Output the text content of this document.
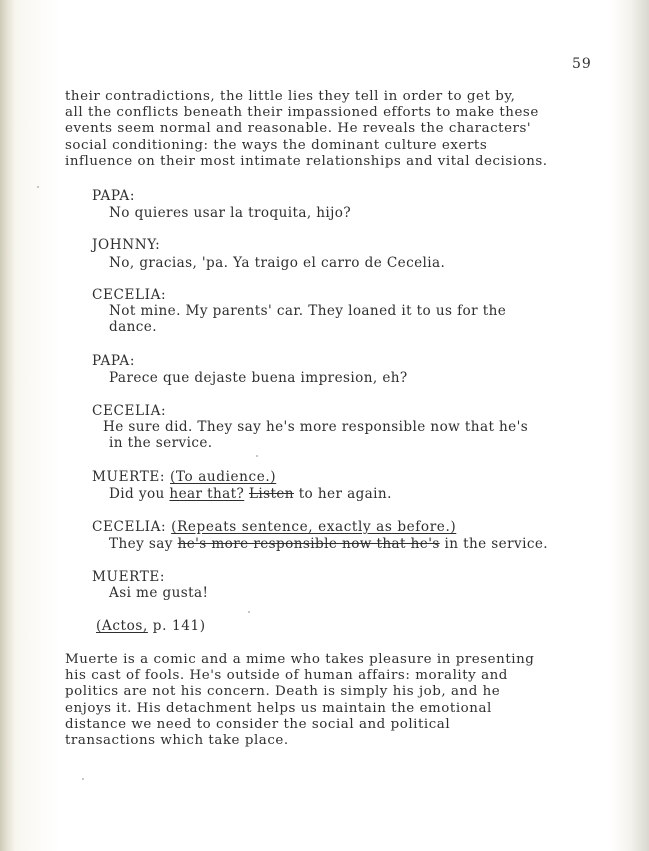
59

their contradictions, the little lies they tell in order to get by,

all the conflicts beneath their impassioned efforts to make these

events seem normal and reasonable. He reveals the characters'

social conditioning: the ways the dominant culture exerts

influence on their most intimate relationships and vital decisions.

PAPA:

No quieres usar la troquita, hijo?

JOHNNY:

No, gracias, 'pa. Ya traigo el carro de Cecelia.

CECELIA:

Not mine. My parents' car. They loaned it to us for the

dance.

PAPA:

Parece que dejaste buena impresion, eh?

CECELIA:

He sure did. They say he's more responsible now that he's

in the service.

MUERTE: (To audience.)

Did you hear that? Listen to her again.

CECELIA: (Repeats sentence, exactly as before.)

They say he's more responsible now that he's in the service.

MUERTE:

Asi me gusta!

(Actos, p. 141)

Muerte is a comic and a mime who takes pleasure in presenting

his cast of fools. He's outside of human affairs: morality and

politics are not his concern. Death is simply his job, and he

enjoys it. His detachment helps us maintain the emotional

distance we need to consider the social and political

transactions which take place.
